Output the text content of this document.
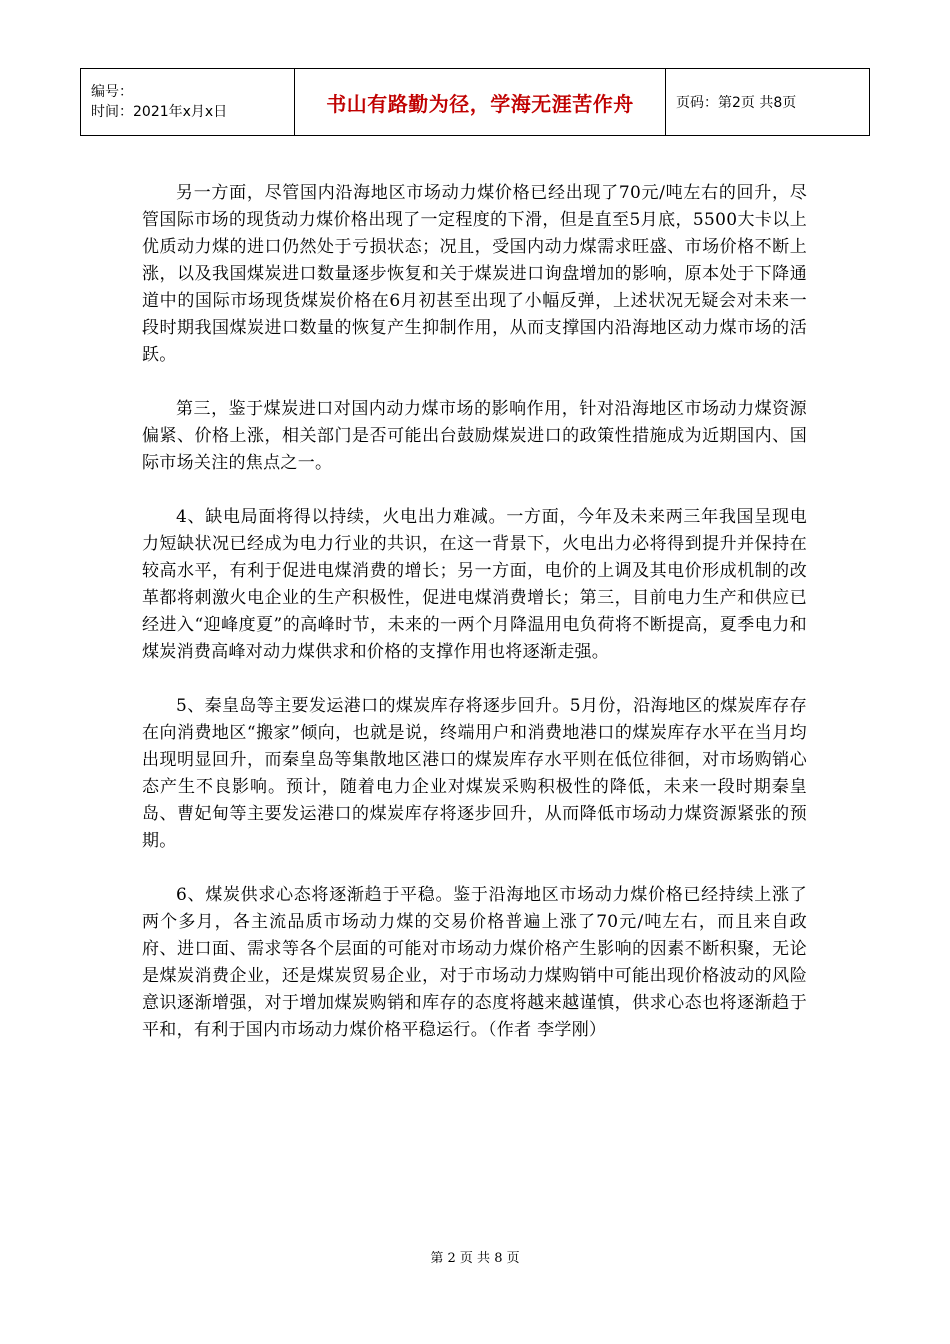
编号：
时间：2021年x月x日	书山有路勤为径，学海无涯苦作舟	页码：第2页 共8页

另一方面，尽管国内沿海地区市场动力煤价格已经出现了70元/吨左右的回升，尽管国际市场的现货动力煤价格出现了一定程度的下滑，但是直至5月底，5500大卡以上优质动力煤的进口仍然处于亏损状态；况且，受国内动力煤需求旺盛、市场价格不断上涨，以及我国煤炭进口数量逐步恢复和关于煤炭进口询盘增加的影响，原本处于下降通道中的国际市场现货煤炭价格在6月初甚至出现了小幅反弹，上述状况无疑会对未来一段时期我国煤炭进口数量的恢复产生抑制作用，从而支撑国内沿海地区动力煤市场的活跃。

第三，鉴于煤炭进口对国内动力煤市场的影响作用，针对沿海地区市场动力煤资源偏紧、价格上涨，相关部门是否可能出台鼓励煤炭进口的政策性措施成为近期国内、国际市场关注的焦点之一。

4、缺电局面将得以持续，火电出力难减。一方面，今年及未来两三年我国呈现电力短缺状况已经成为电力行业的共识，在这一背景下，火电出力必将得到提升并保持在较高水平，有利于促进电煤消费的增长；另一方面，电价的上调及其电价形成机制的改革都将刺激火电企业的生产积极性，促进电煤消费增长；第三，目前电力生产和供应已经进入“迎峰度夏”的高峰时节，未来的一两个月降温用电负荷将不断提高，夏季电力和煤炭消费高峰对动力煤供求和价格的支撑作用也将逐渐走强。

5、秦皇岛等主要发运港口的煤炭库存将逐步回升。5月份，沿海地区的煤炭库存存在向消费地区“搬家”倾向，也就是说，终端用户和消费地港口的煤炭库存水平在当月均出现明显回升，而秦皇岛等集散地区港口的煤炭库存水平则在低位徘徊，对市场购销心态产生不良影响。预计，随着电力企业对煤炭采购积极性的降低，未来一段时期秦皇岛、曹妃甸等主要发运港口的煤炭库存将逐步回升，从而降低市场动力煤资源紧张的预期。

6、煤炭供求心态将逐渐趋于平稳。鉴于沿海地区市场动力煤价格已经持续上涨了两个多月，各主流品质市场动力煤的交易价格普遍上涨了70元/吨左右，而且来自政府、进口面、需求等各个层面的可能对市场动力煤价格产生影响的因素不断积聚，无论是煤炭消费企业，还是煤炭贸易企业，对于市场动力煤购销中可能出现价格波动的风险意识逐渐增强，对于增加煤炭购销和库存的态度将越来越谨慎，供求心态也将逐渐趋于平和，有利于国内市场动力煤价格平稳运行。（作者 李学刚）

第 2 页 共 8 页
